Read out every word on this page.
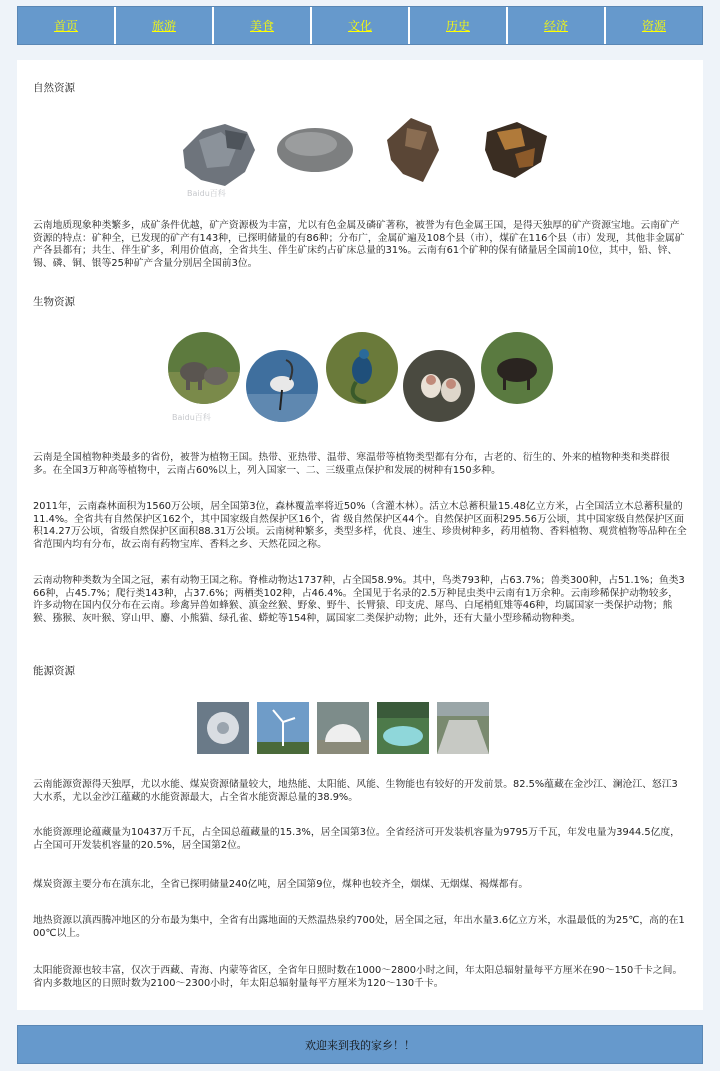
首页	旅游	美食	文化	历史	经济	资源
自然资源
Baidu百科
云南地质现象种类繁多，成矿条件优越，矿产资源极为丰富，尤以有色金属及磷矿著称，被誉为有色金属王国，是得天独厚的矿产资源宝地。云南矿产资源的特点：矿种全，已发现的矿产有143种，已探明储量的有86种；分布广，金属矿遍及108个县（市），煤矿在116个县（市）发现，其他非金属矿产各县都有；共生、伴生矿多，利用价值高，全省共生、伴生矿床约占矿床总量的31%。云南有61个矿种的保有储量居全国前10位，其中，铅、锌、锡、磷、铜、银等25种矿产含量分别居全国前3位。
生物资源
Baidu百科
云南是全国植物种类最多的省份，被誉为植物王国。热带、亚热带、温带、寒温带等植物类型都有分布，古老的、衍生的、外来的植物种类和类群很多。在全国3万种高等植物中，云南占60%以上，列入国家一、二、三级重点保护和发展的树种有150多种。
2011年，云南森林面积为1560万公顷，居全国第3位，森林覆盖率将近50%（含灌木林）。活立木总蓄积量15.48亿立方米，占全国活立木总蓄积量的11.4%。全省共有自然保护区162个，其中国家级自然保护区16个，省 级自然保护区44个。自然保护区面积295.56万公顷，其中国家级自然保护区面积14.27万公顷，省级自然保护区面积88.31万公顷。云南树种繁多，类型多样，优良、速生、珍贵树种多，药用植物、香料植物、观赏植物等品种在全省范围内均有分布，故云南有药物宝库、香料之乡、天然花园之称。
云南动物种类数为全国之冠，素有动物王国之称。脊椎动物达1737种，占全国58.9%。其中，鸟类793种，占63.7%；兽类300种，占51.1%；鱼类366种，占45.7%；爬行类143种，占37.6%；两栖类102种，占46.4%。全国见于名录的2.5万种昆虫类中云南有1万余种。云南珍稀保护动物较多，许多动物在国内仅分布在云南。珍禽异兽如蜂猴、滇金丝猴、野象、野牛、长臂猿、印支虎、犀鸟、白尾梢虹雉等46种，均属国家一类保护动物；熊猴、猕猴、灰叶猴、穿山甲、麝、小熊猫、绿孔雀、蟒蛇等154种，属国家二类保护动物；此外，还有大量小型珍稀动物种类。
能源资源
云南能源资源得天独厚，尤以水能、煤炭资源储量较大，地热能、太阳能、风能、生物能也有较好的开发前景。82.5%蕴藏在金沙江、澜沧江、怒江3大水系，尤以金沙江蕴藏的水能资源最大，占全省水能资源总量的38.9%。
水能资源理论蕴藏量为10437万千瓦，占全国总蕴藏量的15.3%，居全国第3位。全省经济可开发装机容量为9795万千瓦，年发电量为3944.5亿度，占全国可开发装机容量的20.5%，居全国第2位。
煤炭资源主要分布在滇东北，全省已探明储量240亿吨，居全国第9位，煤种也较齐全，烟煤、无烟煤、褐煤都有。
地热资源以滇西腾冲地区的分布最为集中，全省有出露地面的天然温热泉约700处，居全国之冠，年出水量3.6亿立方米，水温最低的为25℃，高的在100℃以上。
太阳能资源也较丰富，仅次于西藏、青海、内蒙等省区，全省年日照时数在1000～2800小时之间，年太阳总辐射量每平方厘米在90～150千卡之间。省内多数地区的日照时数为2100～2300小时，年太阳总辐射量每平方厘米为120～130千卡。
欢迎来到我的家乡！！
